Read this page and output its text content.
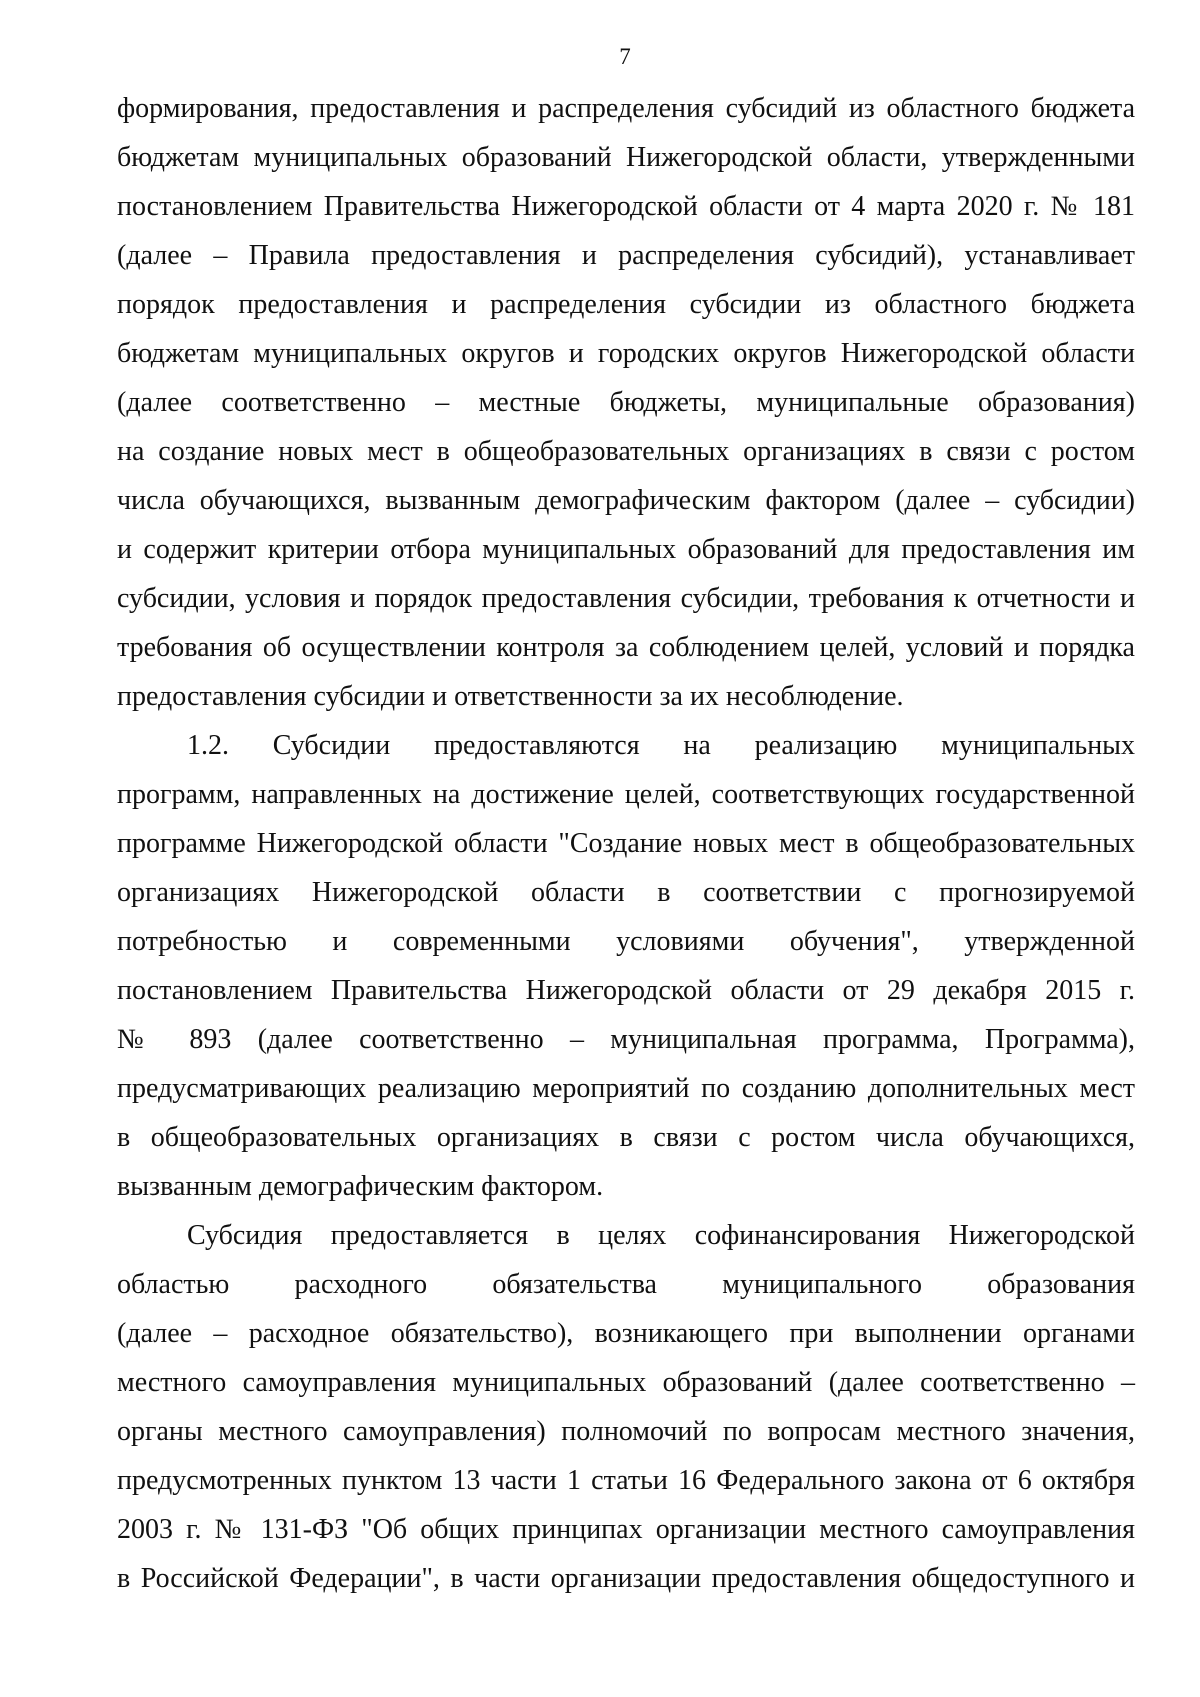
7
формирования, предоставления и распределения субсидий из областного бюджета
бюджетам муниципальных образований Нижегородской области, утвержденными
постановлением Правительства Нижегородской области от 4 марта 2020 г. № 181
(далее – Правила предоставления и распределения субсидий), устанавливает
порядок предоставления и распределения субсидии из областного бюджета
бюджетам муниципальных округов и городских округов Нижегородской области
(далее соответственно – местные бюджеты, муниципальные образования)
на создание новых мест в общеобразовательных организациях в связи с ростом
числа обучающихся, вызванным демографическим фактором (далее – субсидии)
и содержит критерии отбора муниципальных образований для предоставления им
субсидии, условия и порядок предоставления субсидии, требования к отчетности и
требования об осуществлении контроля за соблюдением целей, условий и порядка
предоставления субсидии и ответственности за их несоблюдение.
1.2. Субсидии предоставляются на реализацию муниципальных
программ, направленных на достижение целей, соответствующих государственной
программе Нижегородской области "Создание новых мест в общеобразовательных
организациях Нижегородской области в соответствии с прогнозируемой
потребностью и современными условиями обучения", утвержденной
постановлением Правительства Нижегородской области от 29 декабря 2015 г.
№ 893 (далее соответственно – муниципальная программа, Программа),
предусматривающих реализацию мероприятий по созданию дополнительных мест
в общеобразовательных организациях в связи с ростом числа обучающихся,
вызванным демографическим фактором.
Субсидия предоставляется в целях софинансирования Нижегородской
областью расходного обязательства муниципального образования
(далее – расходное обязательство), возникающего при выполнении органами
местного самоуправления муниципальных образований (далее соответственно –
органы местного самоуправления) полномочий по вопросам местного значения,
предусмотренных пунктом 13 части 1 статьи 16 Федерального закона от 6 октября
2003 г. № 131-ФЗ "Об общих принципах организации местного самоуправления
в Российской Федерации", в части организации предоставления общедоступного и
